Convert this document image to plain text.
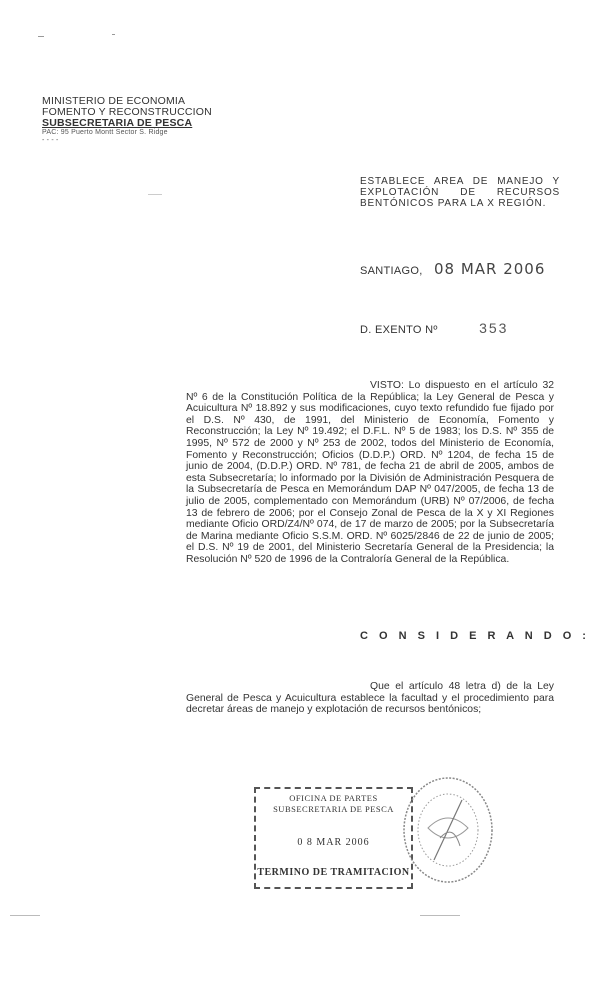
MINISTERIO DE ECONOMIA
FOMENTO Y RECONSTRUCCION
SUBSECRETARIA DE PESCA
PAC: 95 Puerto Montt Sector S. Ridge
- - - -
ESTABLECE AREA DE MANEJO Y EXPLOTACIÓN DE RECURSOS BENTÓNICOS PARA LA X REGIÓN.
SANTIAGO, 08 MAR 2006
D. EXENTO Nº	353
VISTO: Lo dispuesto en el artículo 32 Nº 6 de la Constitución Política de la República; la Ley General de Pesca y Acuicultura Nº 18.892 y sus modificaciones, cuyo texto refundido fue fijado por el D.S. Nº 430, de 1991, del Ministerio de Economía, Fomento y Reconstrucción; la Ley Nº 19.492; el D.F.L. Nº 5 de 1983; los D.S. Nº 355 de 1995, Nº 572 de 2000 y Nº 253 de 2002, todos del Ministerio de Economía, Fomento y Reconstrucción; Oficios (D.D.P.) ORD. Nº 1204, de fecha 15 de junio de 2004, (D.D.P.) ORD. Nº 781, de fecha 21 de abril de 2005, ambos de esta Subsecretaría; lo informado por la División de Administración Pesquera de la Subsecretaría de Pesca en Memorándum DAP Nº 047/2005, de fecha 13 de julio de 2005, complementado con Memorándum (URB) Nº 07/2006, de fecha 13 de febrero de 2006; por el Consejo Zonal de Pesca de la X y XI Regiones mediante Oficio ORD/Z4/Nº 074, de 17 de marzo de 2005; por la Subsecretaría de Marina mediante Oficio S.S.M. ORD. Nº 6025/2846 de 22 de junio de 2005; el D.S. Nº 19 de 2001, del Ministerio Secretaría General de la Presidencia; la Resolución Nº 520 de 1996 de la Contraloría General de la República.
C O N S I D E R A N D O :
Que el artículo 48 letra d) de la Ley General de Pesca y Acuicultura establece la facultad y el procedimiento para decretar áreas de manejo y explotación de recursos bentónicos;
OFICINA DE PARTES
SUBSECRETARIA DE PESCA
0 8 MAR 2006
TERMINO DE TRAMITACION
